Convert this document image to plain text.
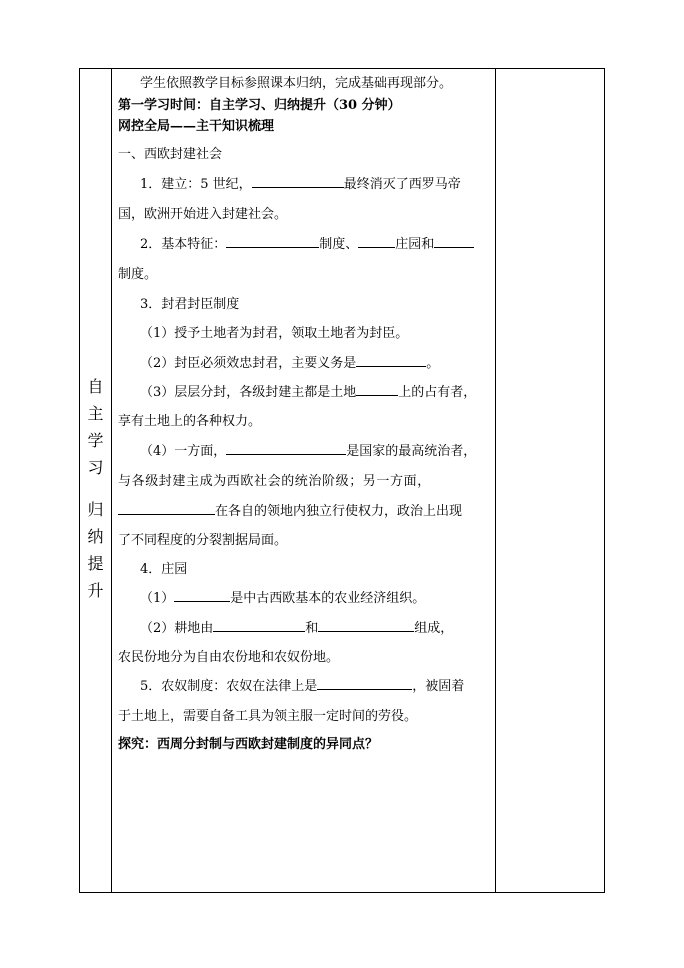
自
主
学
习
归
纳
提
升
学生依照教学目标参照课本归纳，完成基础再现部分。
第一学习时间：自主学习、归纳提升（30 分钟）
网控全局——主干知识梳理
一、西欧封建社会
1．建立：5 世纪，	最终消灭了西罗马帝
国，欧洲开始进入封建社会。
2．基本特征：	制度、	庄园和
制度。
3．封君封臣制度
（1）授予土地者为封君，领取土地者为封臣。
（2）封臣必须效忠封君，主要义务是	。
（3）层层分封，各级封建主都是土地	上的占有者，
享有土地上的各种权力。
（4）一方面，	是国家的最高统治者，
与各级封建主成为西欧社会的统治阶级；另一方面，
在各自的领地内独立行使权力，政治上出现
了不同程度的分裂割据局面。
4．庄园
（1）	是中古西欧基本的农业经济组织。
（2）耕地由	和	组成，
农民份地分为自由农份地和农奴份地。
5．农奴制度：农奴在法律上是	，被固着
于土地上，需要自备工具为领主服一定时间的劳役。
探究：西周分封制与西欧封建制度的异同点？
